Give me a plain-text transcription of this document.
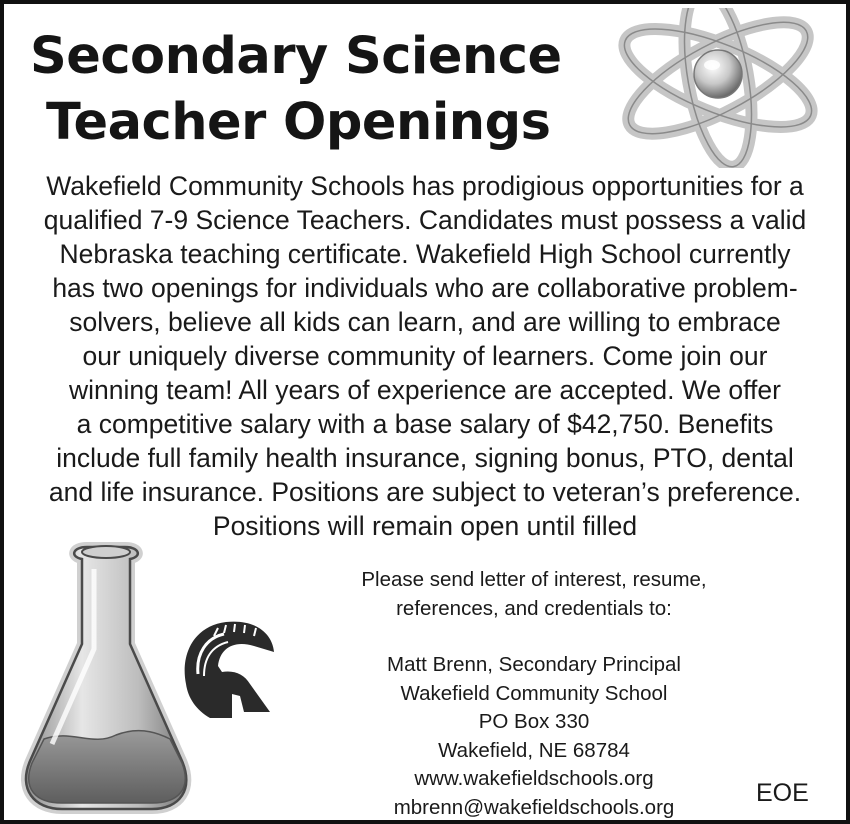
Secondary Science
Teacher Openings
Wakefield Community Schools has prodigious opportunities for a
qualified 7-9 Science Teachers. Candidates must possess a valid
Nebraska teaching certificate. Wakefield High School currently
has two openings for individuals who are collaborative problem-
solvers, believe all kids can learn, and are willing to embrace
our uniquely diverse community of learners. Come join our
winning team! All years of experience are accepted. We offer
a competitive salary with a base salary of $42,750. Benefits
include full family health insurance, signing bonus, PTO, dental
and life insurance. Positions are subject to veteran’s preference.
Positions will remain open until filled
Please send letter of interest, resume,
references, and credentials to:
Matt Brenn, Secondary Principal
Wakefield Community School
PO Box 330
Wakefield, NE 68784
www.wakefieldschools.org
mbrenn@wakefieldschools.org	EOE
